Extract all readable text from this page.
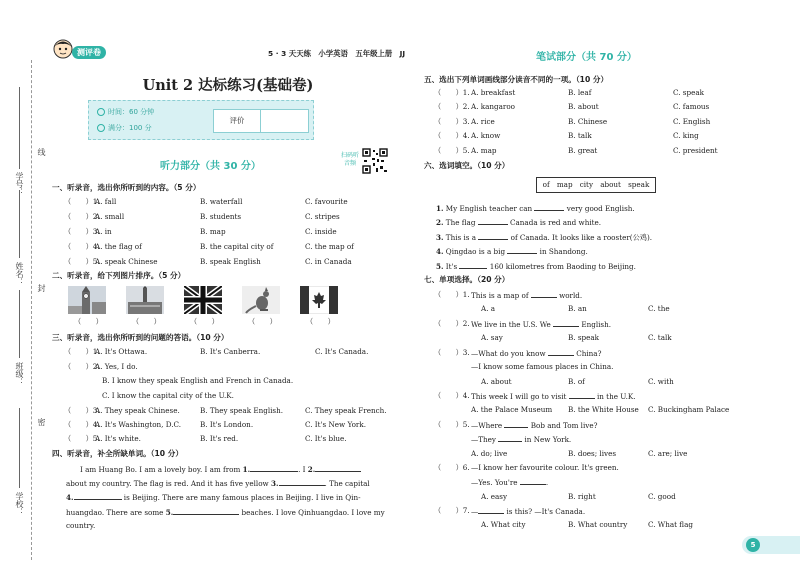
学号：
线
姓名：
封
班级：
密
学校：
测评卷	5 · 3 天天练　小学英语　五年级上册　JJ
Unit 2 达标练习(基础卷)
时间：60 分钟
满分：100 分
评价
扫码听音频
听力部分（共 30 分）
一、听录音，选出你所听到的内容。（5 分）
（　　）1.
A. fall	B. waterfall	C. favourite
（　　）2.
A. small	B. students	C. stripes
（　　）3.
A. in	B. map	C. inside
（　　）4.
A. the flag of	B. the capital city of	C. the map of
（　　）5.
A. speak Chinese	B. speak English	C. in Canada
二、听录音，给下列图片排序。（5 分）
（　　）	（　　）	（　　）	（　　）	（　　）
三、听录音，选出你所听到的问题的答语。（10 分）
（　　）1.
A. It's Ottawa.	B. It's Canberra.	C. It's Canada.
（　　）2.
A. Yes, I do.
B. I know they speak English and French in Canada.
C. I know the capital city of the U.K.
（　　）3.
A. They speak Chinese.	B. They speak English.	C. They speak French.
（　　）4.
A. It's Washington, D.C.	B. It's London.	C. It's New York.
（　　）5.
A. It's white.	B. It's red.	C. It's blue.
四、听录音，补全所缺单词。（10 分）
I am Huang Bo. I am a lovely boy. I am from 1.	. I 2.
about my country. The flag is red. And it has five yellow 3.	. The capital
4.	is Beijing. There are many famous places in Beijing. I live in Qin-
huangdao. There are some 5.	beaches. I love Qinhuangdao. I love my
country.
笔试部分（共 70 分）
五、选出下列单词画线部分读音不同的一项。（10 分）
（　　）1. A. breakfast	B. leaf	C. speak
（　　）2. A. kangaroo	B. about	C. famous
（　　）3. A. rice	B. Chinese	C. English
（　　）4. A. know	B. talk	C. king
（　　）5. A. map	B. great	C. president
六、选词填空。（10 分）
of　map　city　about　speak
1. My English teacher can	very good English.
2. The flag	Canada is red and white.
3. This is a	of Canada. It looks like a rooster(公鸡).
4. Qingdao is a big	in Shandong.
5. It's	160 kilometres from Baoding to Beijing.
七、单项选择。（20 分）
（　　）1. This is a map of	world.
A. a	B. an	C. the
（　　）2. We live in the U.S. We	English.
A. say	B. speak	C. talk
（　　）3. —What do you know	China?
—I know some famous places in China.
A. about	B. of	C. with
（　　）4. This week I will go to visit	in the U.K.
A. the Palace Museum B. the White House C. Buckingham Palace
（　　）5. —Where	Bob and Tom live?
—They	in New York.
A. do; live	B. does; lives	C. are; live
（　　）6. —I know her favourite colour. It's green.
—Yes. You're	.
A. easy	B. right	C. good
（　　）7. —	is this? —It's Canada.
A. What city	B. What country	C. What flag
5
